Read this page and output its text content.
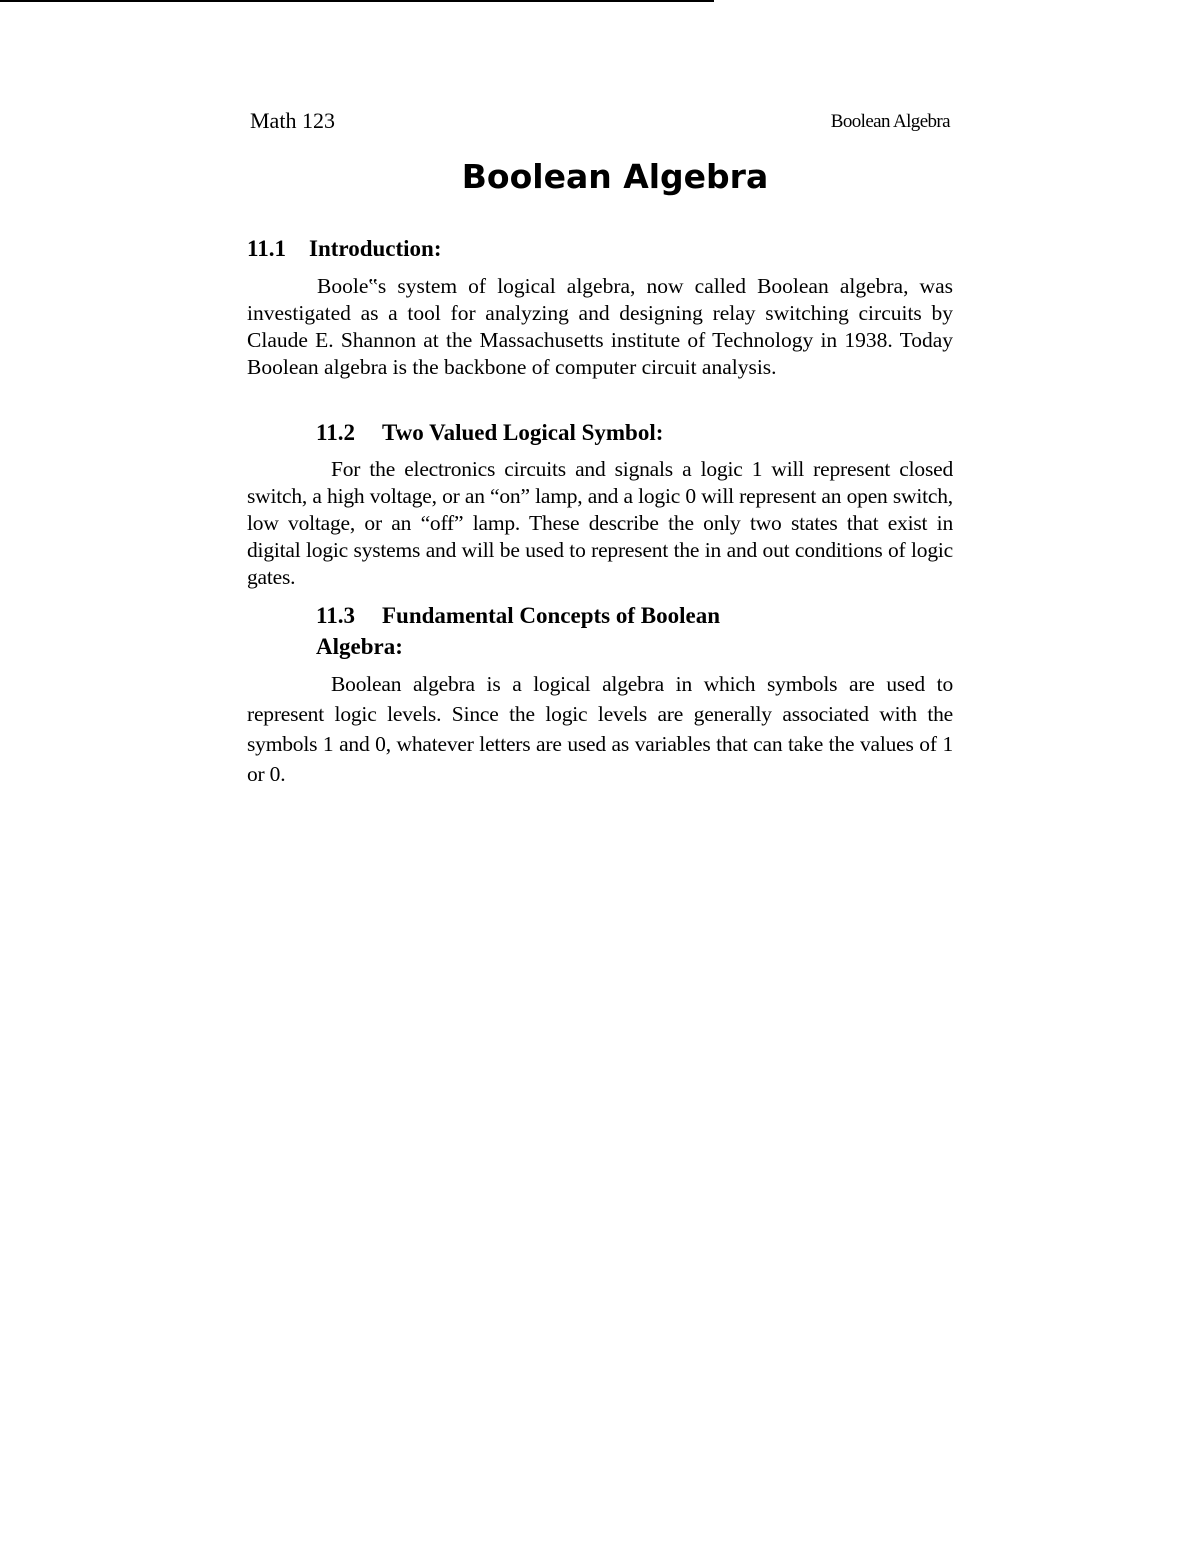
Math 123	Boolean Algebra
Boolean Algebra
11.1 Introduction:

Boole‟s system of logical algebra, now called Boolean algebra, was investigated as a tool for analyzing and designing relay switching circuits by Claude E. Shannon at the Massachusetts institute of Technology in 1938. Today Boolean algebra is the backbone of computer circuit analysis.

11.2 Two Valued Logical Symbol:

For the electronics circuits and signals a logic 1 will represent closed switch, a high voltage, or an “on” lamp, and a logic 0 will represent an open switch, low voltage, or an “off” lamp. These describe the only two states that exist in digital logic systems and will be used to represent the in and out conditions of logic gates.

11.3 Fundamental Concepts of Boolean
Algebra:

Boolean algebra is a logical algebra in which symbols are used to represent logic levels. Since the logic levels are generally associated with the symbols 1 and 0, whatever letters are used as variables that can take the values of 1 or 0.
